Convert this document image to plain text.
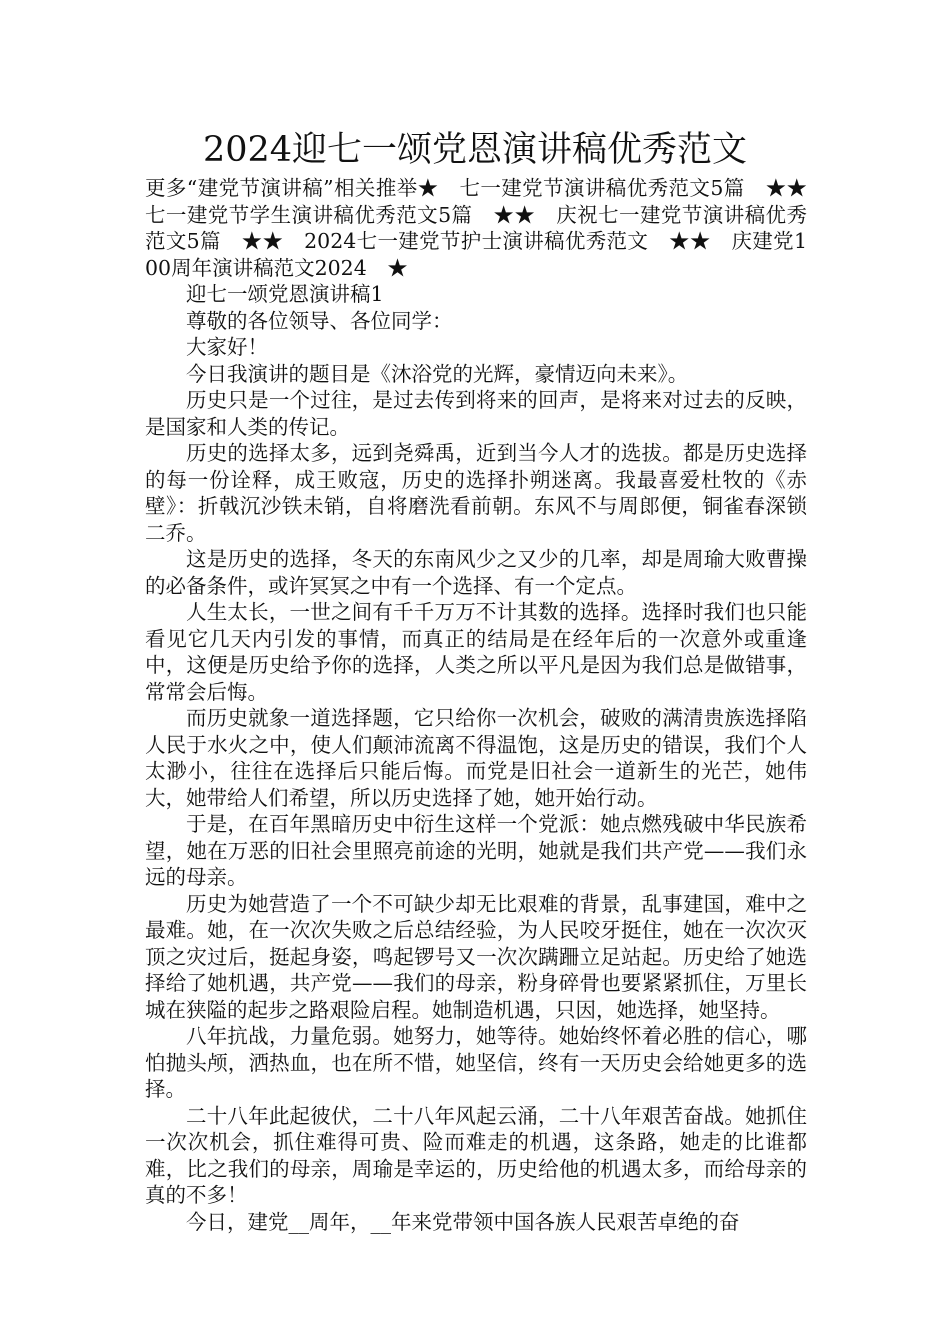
2024迎七一颂党恩演讲稿优秀范文

更多“建党节演讲稿”相关推举★　七一建党节演讲稿优秀范文5篇　★★　七一建党节学生演讲稿优秀范文5篇　★★　庆祝七一建党节演讲稿优秀范文5篇　★★　2024七一建党节护士演讲稿优秀范文　★★　庆建党100周年演讲稿范文2024　★

迎七一颂党恩演讲稿1

尊敬的各位领导、各位同学：

大家好！

今日我演讲的题目是《沐浴党的光辉，豪情迈向未来》。

历史只是一个过往，是过去传到将来的回声，是将来对过去的反映，是国家和人类的传记。

历史的选择太多，远到尧舜禹，近到当今人才的选拔。都是历史选择的每一份诠释，成王败寇，历史的选择扑朔迷离。我最喜爱杜牧的《赤壁》：折戟沉沙铁未销，自将磨洗看前朝。东风不与周郎便，铜雀春深锁二乔。

这是历史的选择，冬天的东南风少之又少的几率，却是周瑜大败曹操的必备条件，或许冥冥之中有一个选择、有一个定点。

人生太长，一世之间有千千万万不计其数的选择。选择时我们也只能看见它几天内引发的事情，而真正的结局是在经年后的一次意外或重逢中，这便是历史给予你的选择，人类之所以平凡是因为我们总是做错事，常常会后悔。

而历史就象一道选择题，它只给你一次机会，破败的满清贵族选择陷人民于水火之中，使人们颠沛流离不得温饱，这是历史的错误，我们个人太渺小，往往在选择后只能后悔。而党是旧社会一道新生的光芒，她伟大，她带给人们希望，所以历史选择了她，她开始行动。

于是，在百年黑暗历史中衍生这样一个党派：她点燃残破中华民族希望，她在万恶的旧社会里照亮前途的光明，她就是我们共产党——我们永远的母亲。

历史为她营造了一个不可缺少却无比艰难的背景，乱事建国，难中之最难。她，在一次次失败之后总结经验，为人民咬牙挺住，她在一次次灭顶之灾过后，挺起身姿，鸣起锣号又一次次蹒跚立足站起。历史给了她选择给了她机遇，共产党——我们的母亲，粉身碎骨也要紧紧抓住，万里长城在狭隘的起步之路艰险启程。她制造机遇，只因，她选择，她坚持。

八年抗战，力量危弱。她努力，她等待。她始终怀着必胜的信心，哪怕抛头颅，洒热血，也在所不惜，她坚信，终有一天历史会给她更多的选择。

二十八年此起彼伏，二十八年风起云涌，二十八年艰苦奋战。她抓住一次次机会，抓住难得可贵、险而难走的机遇，这条路，她走的比谁都难，比之我们的母亲，周瑜是幸运的，历史给他的机遇太多，而给母亲的真的不多！

今日，建党__周年，__年来党带领中国各族人民艰苦卓绝的奋
